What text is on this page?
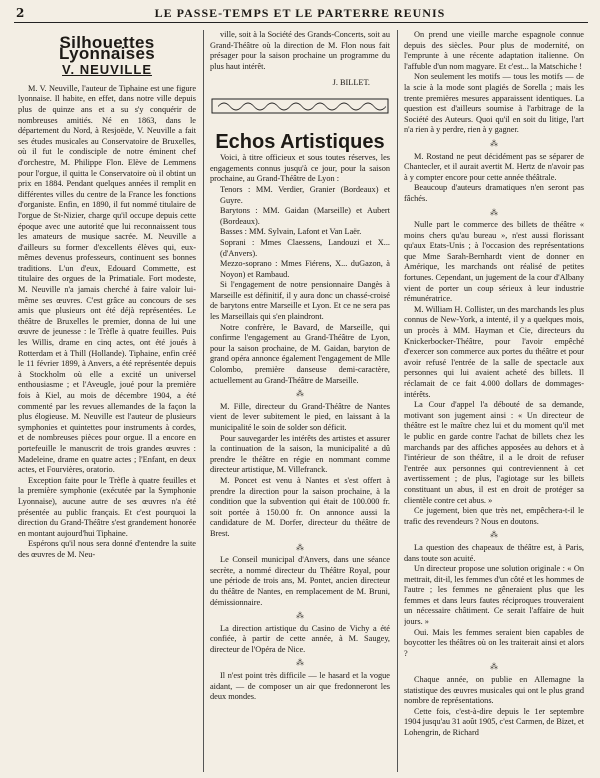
2	LE PASSE-TEMPS ET LE PARTERRE REUNIS
Silhouettes Lyonnaises
V. NEUVILLE

M. V. Neuville, l'auteur de Tiphaine est une figure lyonnaise. Il habite, en effet, dans notre ville depuis plus de quinze ans et a su s'y conquérir de nombreuses amitiés. Né en 1863, dans le département du Nord, à Resjoëde, V. Neuville a fait ses études musicales au Conservatoire de Bruxelles, où il fut le condisciple de notre éminent chef d'orchestre, M. Philippe Flon. Elève de Lemmens pour l'orgue, il quitta le Conservatoire où il obtint un prix en 1884. Pendant quelques années il remplit en différentes villes du centre de la France les fonctions d'organiste. Enfin, en 1890, il fut nommé titulaire de l'orgue de St-Nizier, charge qu'il occupe depuis cette époque avec une autorité que lui reconnaissent tous les amateurs de musique sacrée. M. Neuville a d'ailleurs su former d'excellents élèves qui, eux-mêmes devenus professeurs, continuent ses bonnes traditions. L'un d'eux, Edouard Commette, est titulaire des orgues de la Primatiale. Fort modeste, M. Neuville n'a jamais cherché à faire valoir lui-même ses œuvres. C'est grâce au concours de ses amis que plusieurs ont été déjà représentées. Le théâtre de Bruxelles le premier, donna de lui une œuvre de jeunesse : le Trèfle à quatre feuilles. Puis les Willis, drame en cinq actes, ont été joués à Rotterdam et à Thill (Hollande). Tiphaine, enfin créé le 11 février 1899, à Anvers, a été représentée depuis à Stockholm où elle a excité un universel enthousiasme ; et l'Aveugle, joué pour la première fois à Kiel, au mois de décembre 1904, a été commenté par les revues allemandes de la façon la plus élogieuse. M. Neuville est l'auteur de plusieurs symphonies et quintettes pour instruments à cordes, et de nombreuses pièces pour orgue. Il a encore en portefeuille le manuscrit de trois grandes œuvres : Madeleine, drame en quatre actes ; l'Enfant, en deux actes, et Fourvières, oratorio.

Exception faite pour le Trèfle à quatre feuilles et la première symphonie (exécutée par la Symphonie Lyonnaise), aucune autre de ses œuvres n'a été présentée au public français. Et c'est pourquoi la direction du Grand-Théâtre s'est grandement honorée en montant aujourd'hui Tiphaine.

Espérons qu'il nous sera donné d'entendre la suite des œuvres de M. Neu-

ville, soit à la Société des Grands-Concerts, soit au Grand-Théâtre où la direction de M. Flon nous fait présager pour la saison prochaine un programme du plus haut intérêt.

J. BILLET.
Echos Artistiques

Voici, à titre officieux et sous toutes réserves, les engagements connus jusqu'à ce jour, pour la saison prochaine, au Grand-Théâtre de Lyon :

Tenors : MM. Verdier, Granier (Bordeaux) et Guyre.

Barytons : MM. Gaidan (Marseille) et Aubert (Bordeaux).

Basses : MM. Sylvain, Lafont et Van Laër.

Soprani : Mmes Claessens, Landouzi et X... (d'Anvers).

Mezzo-soprano : Mmes Fiérens, X... duGazon, à Noyon) et Rambaud.

Si l'engagement de notre pensionnaire Dangès à Marseille est définitif, il y aura donc un chassé-croisé de barytons entre Marseille et Lyon. Et ce ne sera pas les Marseillais qui s'en plaindront.

Notre confrère, le Bavard, de Marseille, qui confirme l'engagement au Grand-Théâtre de Lyon, pour la saison prochaine, de M. Gaidan, baryton de grand opéra annonce également l'engagement de Mlle Colombo, première danseuse demi-caractère, actuellement au Grand-Théâtre de Marseille.

⁂

M. Fille, directeur du Grand-Théâtre de Nantes vient de lever subitement le pied, en laissant à la municipalité le soin de solder son déficit.

Pour sauvegarder les intérêts des artistes et assurer la continuation de la saison, la municipalité a dû prendre le théâtre en régie en nommant comme directeur artistique, M. Villefranck.

M. Poncet est venu à Nantes et s'est offert à prendre la direction pour la saison prochaine, à la condition que la subvention qui était de 100.000 fr. soit portée à 150.00 fr. On annonce aussi la candidature de M. Dorfer, directeur du théâtre de Brest.

⁂

Le Conseil municipal d'Anvers, dans une séance secrète, a nommé directeur du Théâtre Royal, pour une période de trois ans, M. Pontet, ancien directeur du théâtre de Nantes, en remplacement de M. Bruni, démissionnaire.

⁂

La direction artistique du Casino de Vichy a été confiée, à partir de cette année, à M. Saugey, directeur de l'Opéra de Nice.

⁂

Il n'est point très difficile — le hasard et la vogue aidant, — de composer un air que fredonneront les deux mondes.

On prend une vieille marche espagnole connue depuis des siècles. Pour plus de modernité, on l'emprunte à une récente adaptation italienne. On l'affuble d'un nom magyare. Et c'est... la Matschiche !

Non seulement les motifs — tous les motifs — de la scie à la mode sont plagiés de Sorella ; mais les trente premières mesures apparaissent identiques. La question est d'ailleurs soumise à l'arbitrage de la Société des Auteurs. Quoi qu'il en soit du litige, l'art n'a rien à y perdre, rien à y gagner.

⁂

M. Rostand ne peut décidément pas se séparer de Chantecler, et il aurait avertit M. Hertz de n'avoir pas à y compter encore pour cette année théâtrale.

Beaucoup d'auteurs dramatiques n'en seront pas fâchés.

⁂

Nulle part le commerce des billets de théâtre « moins chers qu'au bureau », n'est aussi florissant qu'aux Etats-Unis ; à l'occasion des représentations que Mme Sarah-Bernhardt vient de donner en Amérique, les marchands ont réalisé de petites fortunes. Cependant, un jugement de la cour d'Albany vient de porter un coup sérieux à leur industrie rémunératrice.

M. William H. Collister, un des marchands les plus connus de New-York, a intenté, il y a quelques mois, un procès à MM. Hayman et Cie, directeurs du Knickerbocker-Théâtre, pour l'avoir empêché d'exercer son commerce aux portes du théâtre et pour avoir refusé l'entrée de la salle de spectacle aux personnes qui lui avaient acheté des billets. Il réclamait de ce fait 4.000 dollars de dommages-intérêts.

La Cour d'appel l'a débouté de sa demande, motivant son jugement ainsi : « Un directeur de théâtre est le maître chez lui et du moment qu'il met le public en garde contre l'achat de billets chez les marchands par des affiches apposées au dehors et à l'intérieur de son théâtre, il a le droit de refuser l'entrée aux personnes qui contreviennent à cet avertissement ; de plus, l'agiotage sur les billets constituant un abus, il est en droit de protéger sa clientèle contre cet abus. »

Ce jugement, bien que très net, empêchera-t-il le trafic des revendeurs ? Nous en doutons.

⁂

La question des chapeaux de théâtre est, à Paris, dans toute son acuité.

Un directeur propose une solution originale : « On mettrait, dit-il, les femmes d'un côté et les hommes de l'autre ; les femmes ne gêneraient plus que les femmes et dans leurs fautes réciproques trouveraient un nécessaire châtiment. Ce serait l'affaire de huit jours. »

Oui. Mais les femmes seraient bien capables de boycotter les théâtres où on les traiterait ainsi et alors ?

⁂

Chaque année, on publie en Allemagne la statistique des œuvres musicales qui ont le plus grand nombre de représentations.

Cette fois, c'est-à-dire depuis le 1er septembre 1904 jusqu'au 31 août 1905, c'est Carmen, de Bizet, et Lohengrin, de Richard
